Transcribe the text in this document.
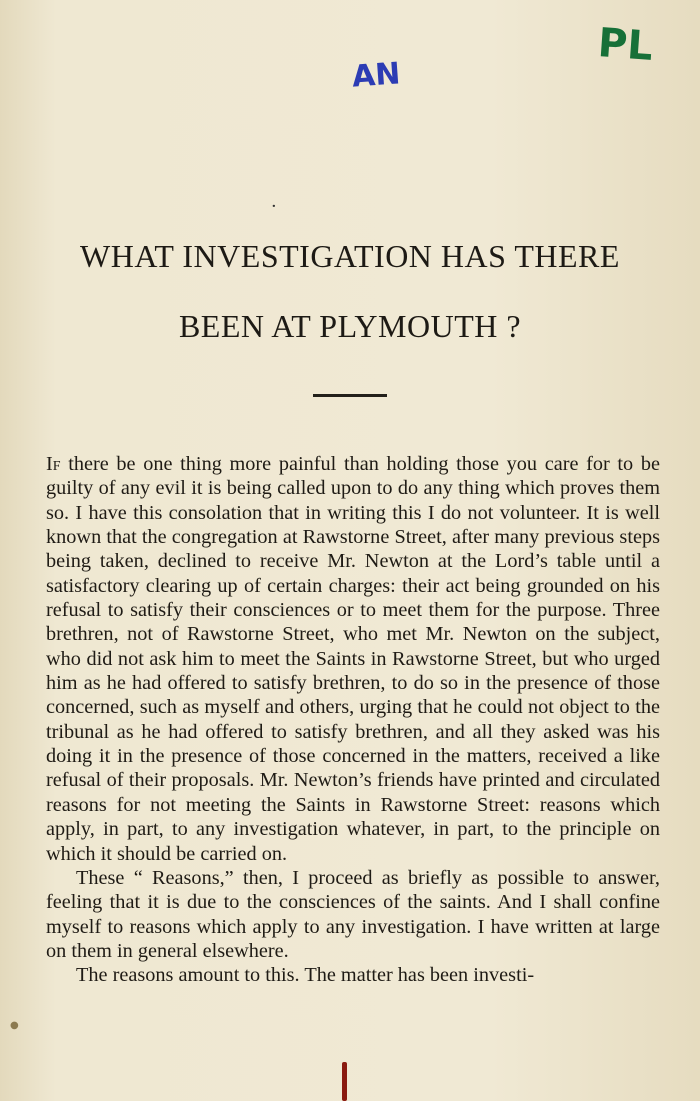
AN
PL
·
WHAT INVESTIGATION HAS THERE
BEEN AT PLYMOUTH ?

If there be one thing more painful than holding those you care for to be guilty of any evil it is being called upon to do any thing which proves them so. I have this consolation that in writing this I do not volunteer. It is well known that the congregation at Rawstorne Street, after many previous steps being taken, declined to receive Mr. Newton at the Lord’s table until a satisfactory clearing up of certain charges: their act being grounded on his refusal to satisfy their consciences or to meet them for the purpose. Three brethren, not of Rawstorne Street, who met Mr. Newton on the subject, who did not ask him to meet the Saints in Rawstorne Street, but who urged him as he had offered to satisfy brethren, to do so in the presence of those concerned, such as myself and others, urging that he could not object to the tribunal as he had offered to satisfy brethren, and all they asked was his doing it in the presence of those concerned in the matters, received a like refusal of their proposals. Mr. Newton’s friends have printed and circulated reasons for not meeting the Saints in Rawstorne Street: reasons which apply, in part, to any investigation whatever, in part, to the principle on which it should be carried on.

These “ Reasons,” then, I proceed as briefly as possible to answer, feeling that it is due to the consciences of the saints. And I shall confine myself to reasons which apply to any investigation. I have written at large on them in general elsewhere.

The reasons amount to this. The matter has been investi-

●
